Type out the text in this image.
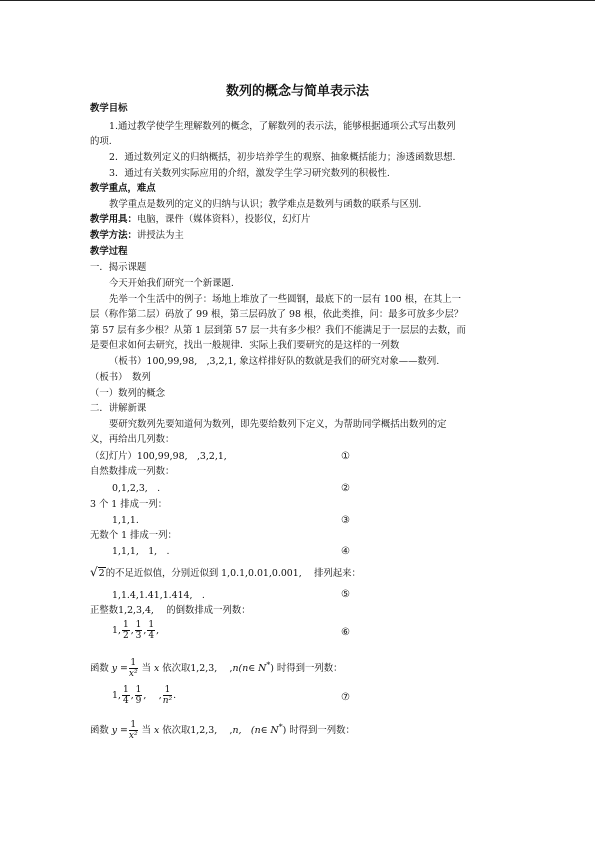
数列的概念与简单表示法
教学目标
1.通过教学使学生理解数列的概念，了解数列的表示法，能够根据通项公式写出数列
的项.
2．通过数列定义的归纳概括，初步培养学生的观察、抽象概括能力；渗透函数思想.
3．通过有关数列实际应用的介绍，激发学生学习研究数列的积极性.
教学重点，难点
教学重点是数列的定义的归纳与认识；教学难点是数列与函数的联系与区别.
教学用具：电脑，课件（媒体资料），投影仪，幻灯片
教学方法：讲授法为主
教学过程
一．揭示课题
今天开始我们研究一个新课题.
先举一个生活中的例子：场地上堆放了一些圆钢，最底下的一层有 100 根，在其上一
层（称作第二层）码放了 99 根，第三层码放了 98 根，依此类推，问：最多可放多少层？
第 57 层有多少根？从第 1 层到第 57 层一共有多少根？我们不能满足于一层层的去数，而
是要但求如何去研究，找出一般规律．实际上我们要研究的是这样的一列数
（板书）100,99,98,　,3,2,1, 象这样排好队的数就是我们的研究对象——数列.
（板书）　数列
（一）数列的概念
二．讲解新课
要研究数列先要知道何为数列，即先要给数列下定义，为帮助同学概括出数列的定
义，再给出几列数：
（幻灯片）100,99,98,　,3,2,1,	①
自然数排成一列数：
0,1,2,3,　.	②
3 个 1 排成一列：
1,1,1.	③
无数个 1 排成一列：
1,1,1,　1,　.	④
√2的不足近似值，分别近似到 1,0.1,0.01,0.001,　 排列起来：
1,1.4,1.41,1.414,　.	⑤
正整数1,2,3,4,　 的倒数排成一列数：
1, $\frac{1}{2}$ , $\frac{1}{3}$ , $\frac{1}{4}$ ,	⑥
函数 $y = \frac{1}{\text{x²}}$ 当 x 依次取1,2,3,　 ,n(n∈ N*) 时得到一列数：
1, $\frac{1}{4}$ , $\frac{1}{9}$ ,　 , $\frac{1}{\text{n²}}$ .	⑦
函数 $y = \frac{1}{\text{x²}}$ 当 x 依次取1,2,3,　 ,n,　(n∈ N*) 时得到一列数：
